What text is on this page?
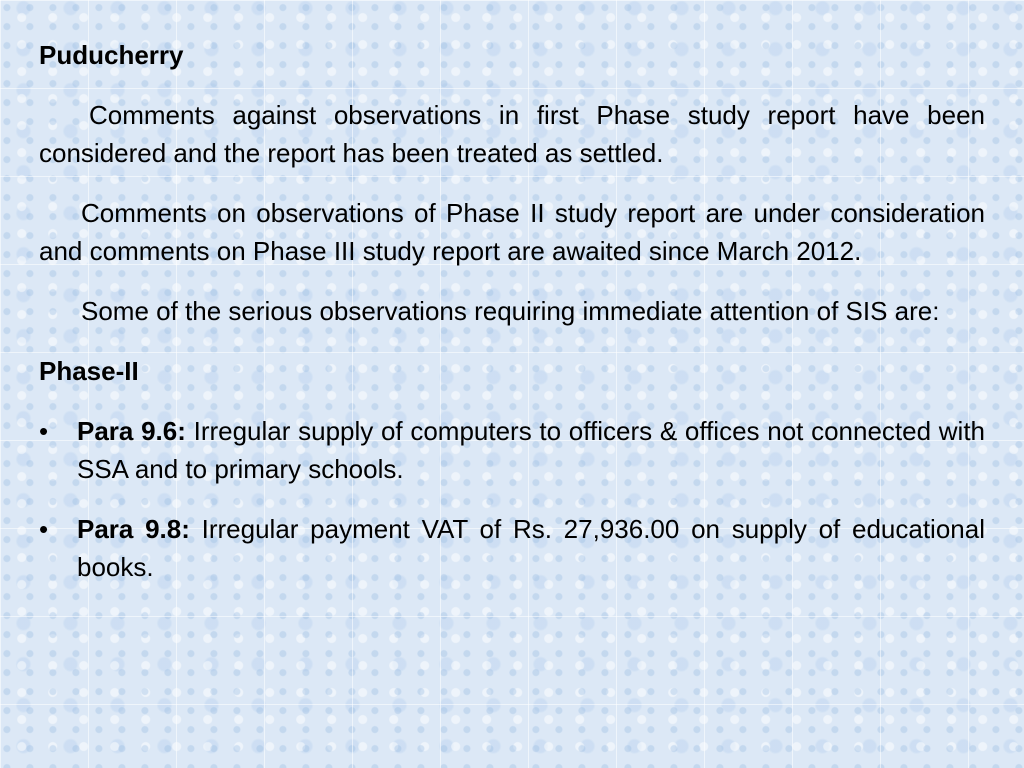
Puducherry

Comments against observations in first Phase study report have been considered and the report has been treated as settled.

Comments on observations of Phase II study report are under consideration and comments on Phase III study report are awaited since March 2012.

Some of the serious observations requiring immediate attention of SIS are:

Phase-II
• Para 9.6: Irregular supply of computers to officers & offices not connected with SSA and to primary schools.
• Para 9.8: Irregular payment VAT of Rs. 27,936.00 on supply of educational books.
